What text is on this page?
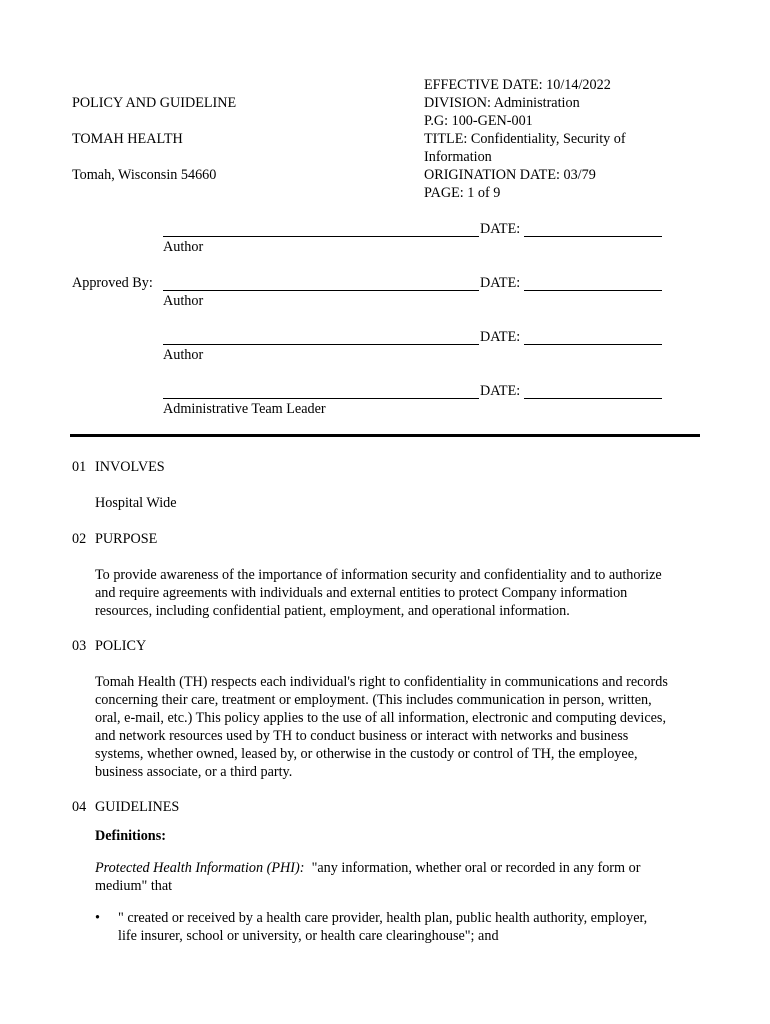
POLICY AND GUIDELINE
TOMAH HEALTH
Tomah, Wisconsin 54660
EFFECTIVE DATE: 10/14/2022
DIVISION: Administration
P.G: 100-GEN-001
TITLE: Confidentiality, Security of
Information
ORIGINATION DATE: 03/79
PAGE: 1 of 9
DATE:
Author
Approved By:	DATE:
Author
DATE:
Author
DATE:
Administrative Team Leader
01 INVOLVES
Hospital Wide
02 PURPOSE
To provide awareness of the importance of information security and confidentiality and to authorize
and require agreements with individuals and external entities to protect Company information
resources, including confidential patient, employment, and operational information.
03 POLICY
Tomah Health (TH) respects each individual's right to confidentiality in communications and records
concerning their care, treatment or employment. (This includes communication in person, written,
oral, e-mail, etc.) This policy applies to the use of all information, electronic and computing devices,
and network resources used by TH to conduct business or interact with networks and business
systems, whether owned, leased by, or otherwise in the custody or control of TH, the employee,
business associate, or a third party.
04 GUIDELINES
Definitions:
Protected Health Information (PHI):  "any information, whether oral or recorded in any form or
medium" that
•	" created or received by a health care provider, health plan, public health authority, employer,
life insurer, school or university, or health care clearinghouse"; and
